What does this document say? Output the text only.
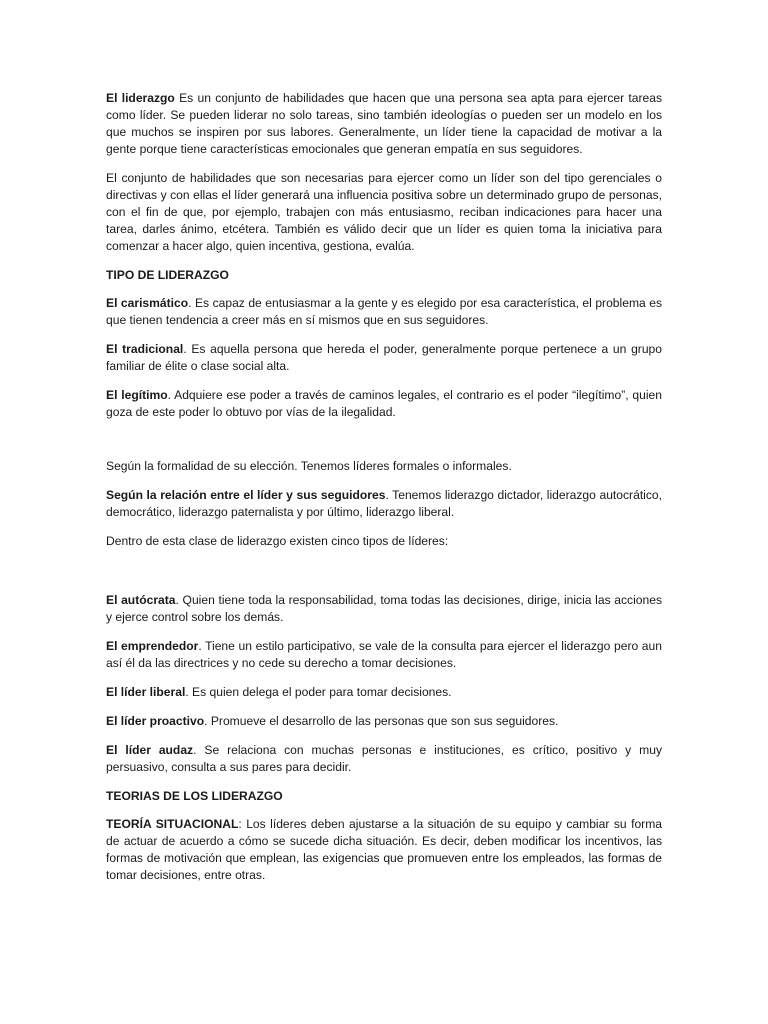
El liderazgo Es un conjunto de habilidades que hacen que una persona sea apta para ejercer tareas como líder. Se pueden liderar no solo tareas, sino también ideologías o pueden ser un modelo en los que muchos se inspiren por sus labores. Generalmente, un líder tiene la capacidad de motivar a la gente porque tiene características emocionales que generan empatía en sus seguidores.

El conjunto de habilidades que son necesarias para ejercer como un líder son del tipo gerenciales o directivas y con ellas el líder generará una influencia positiva sobre un determinado grupo de personas, con el fin de que, por ejemplo, trabajen con más entusiasmo, reciban indicaciones para hacer una tarea, darles ánimo, etcétera. También es válido decir que un líder es quien toma la iniciativa para comenzar a hacer algo, quien incentiva, gestiona, evalúa.

TIPO DE LIDERAZGO

El carismático. Es capaz de entusiasmar a la gente y es elegido por esa característica, el problema es que tienen tendencia a creer más en sí mismos que en sus seguidores.

El tradicional. Es aquella persona que hereda el poder, generalmente porque pertenece a un grupo familiar de élite o clase social alta.

El legítimo. Adquiere ese poder a través de caminos legales, el contrario es el poder “ilegítimo”, quien goza de este poder lo obtuvo por vías de la ilegalidad.

Según la formalidad de su elección. Tenemos líderes formales o informales.

Según la relación entre el líder y sus seguidores. Tenemos liderazgo dictador, liderazgo autocrático, democrático, liderazgo paternalista y por último, liderazgo liberal.

Dentro de esta clase de liderazgo existen cinco tipos de líderes:

El autócrata. Quien tiene toda la responsabilidad, toma todas las decisiones, dirige, inicia las acciones y ejerce control sobre los demás.

El emprendedor. Tiene un estilo participativo, se vale de la consulta para ejercer el liderazgo pero aun así él da las directrices y no cede su derecho a tomar decisiones.

El líder liberal. Es quien delega el poder para tomar decisiones.

El líder proactivo. Promueve el desarrollo de las personas que son sus seguidores.

El líder audaz. Se relaciona con muchas personas e instituciones, es crítico, positivo y muy persuasivo, consulta a sus pares para decidir.

TEORIAS DE LOS LIDERAZGO

TEORÍA SITUACIONAL: Los líderes deben ajustarse a la situación de su equipo y cambiar su forma de actuar de acuerdo a cómo se sucede dicha situación. Es decir, deben modificar los incentivos, las formas de motivación que emplean, las exigencias que promueven entre los empleados, las formas de tomar decisiones, entre otras.
